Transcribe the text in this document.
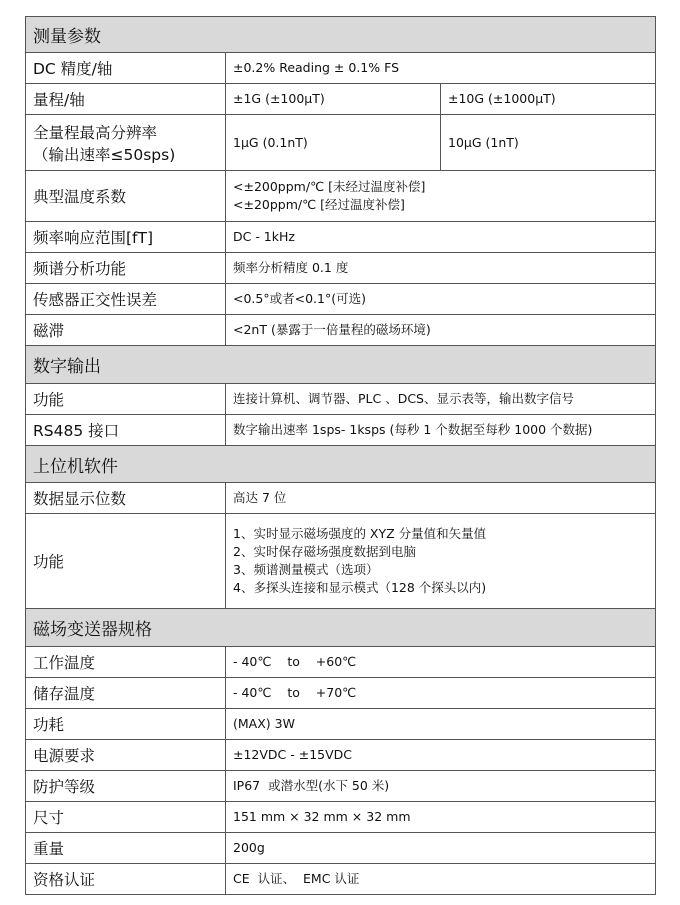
测量参数		
DC 精度/轴	±0.2% Reading ± 0.1% FS	
量程/轴	±1G (±100μT)	±10G (±1000μT)

全量程最高分辨率
（输出速率≤50sps)	1μG (0.1nT)	10μG (1nT)
典型温度系数	<±200ppm/℃ [未经过温度补偿]
<±20ppm/℃ [经过温度补偿]	

频率响应范围[fT]	DC - 1kHz	
频谱分析功能	频率分析精度 0.1 度	
传感器正交性误差	<0.5°或者<0.1°(可选)	
磁滞	<2nT (暴露于一倍量程的磁场环境)	
数字输出		
功能	连接计算机、调节器、PLC 、DCS、显示表等，输出数字信号	
RS485 接口	数字输出速率 1sps- 1ksps (每秒 1 个数据至每秒 1000 个数据)	
上位机软件		
数据显示位数	高达 7 位	
功能	1、实时显示磁场强度的 XYZ 分量值和矢量值
2、实时保存磁场强度数据到电脑
3、频谱测量模式（选项）
4、多探头连接和显示模式（128 个探头以内)	

磁场变送器规格		
工作温度	- 40℃    to    +60℃	
储存温度	- 40℃    to    +70℃	
功耗	(MAX) 3W	
电源要求	±12VDC - ±15VDC	
防护等级	IP67  或潜水型(水下 50 米)	
尺寸	151 mm × 32 mm × 32 mm	
重量	200g	
资格认证	CE  认证、  EMC 认证	
